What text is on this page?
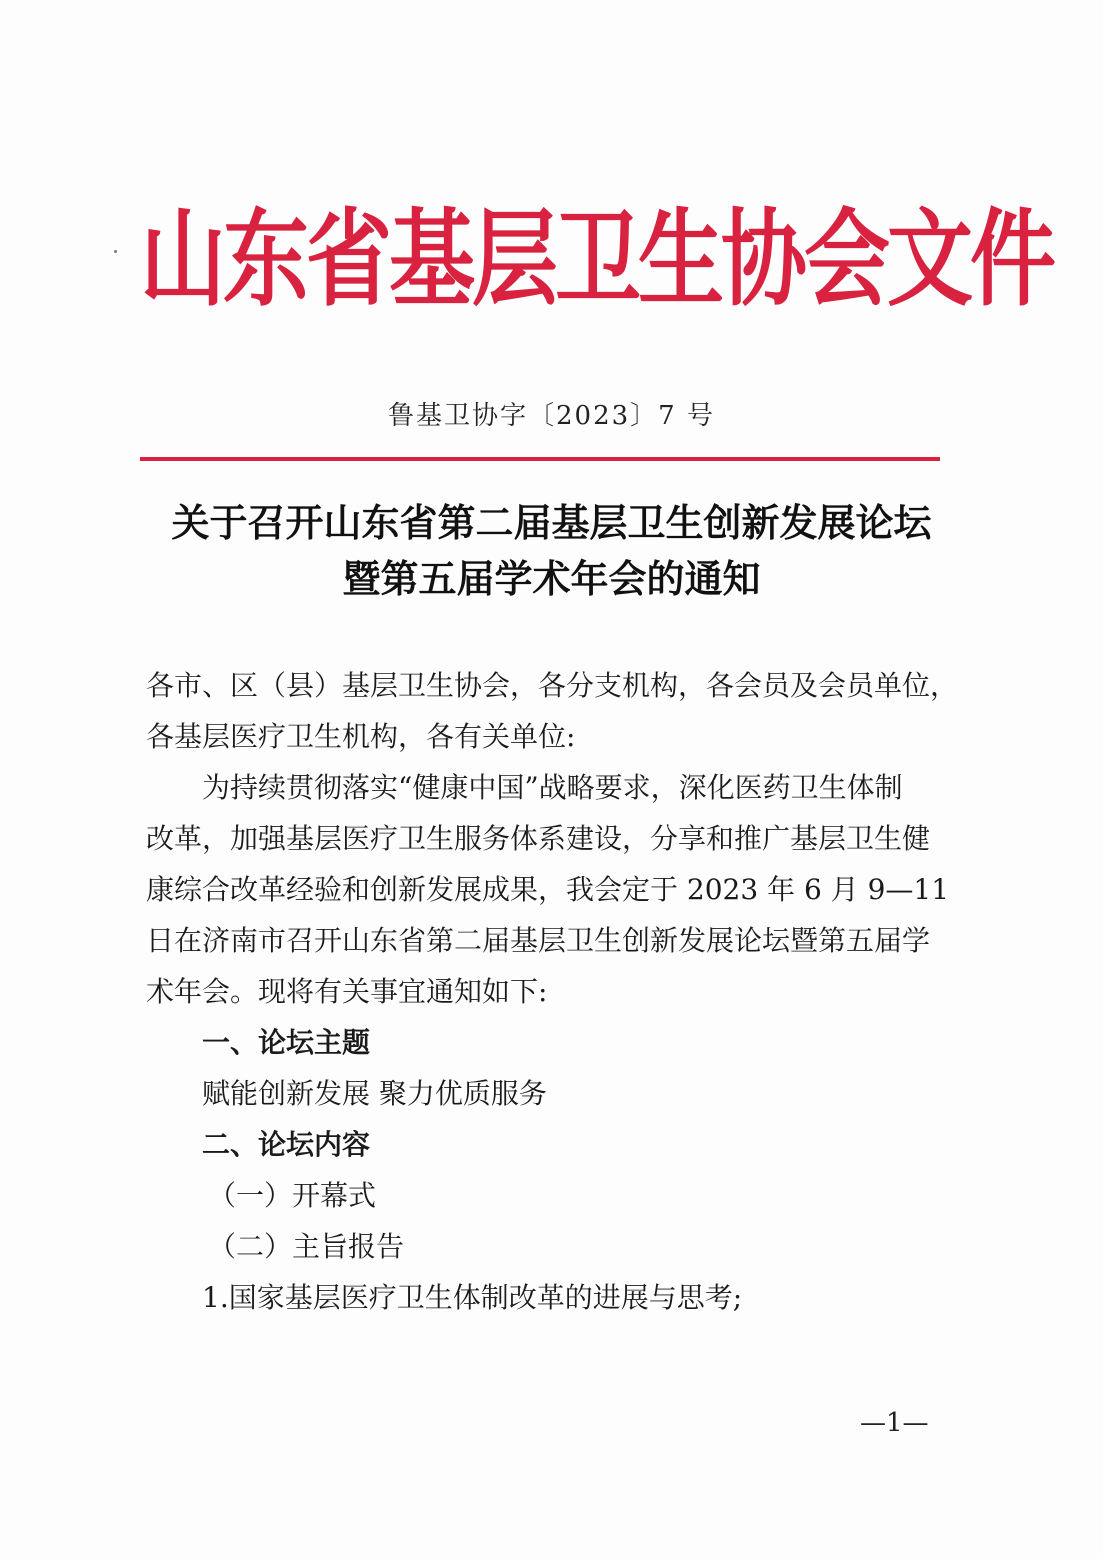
山东省基层卫生协会文件
鲁基卫协字〔2023〕7 号
关于召开山东省第二届基层卫生创新发展论坛
暨第五届学术年会的通知
各市、区（县）基层卫生协会，各分支机构，各会员及会员单位，
各基层医疗卫生机构，各有关单位:
为持续贯彻落实“健康中国”战略要求，深化医药卫生体制
改革，加强基层医疗卫生服务体系建设，分享和推广基层卫生健
康综合改革经验和创新发展成果，我会定于 2023 年 6 月 9—11
日在济南市召开山东省第二届基层卫生创新发展论坛暨第五届学
术年会。现将有关事宜通知如下:
一、论坛主题
赋能创新发展 聚力优质服务
二、论坛内容
（一）开幕式
（二）主旨报告
1.国家基层医疗卫生体制改革的进展与思考;
—1—
